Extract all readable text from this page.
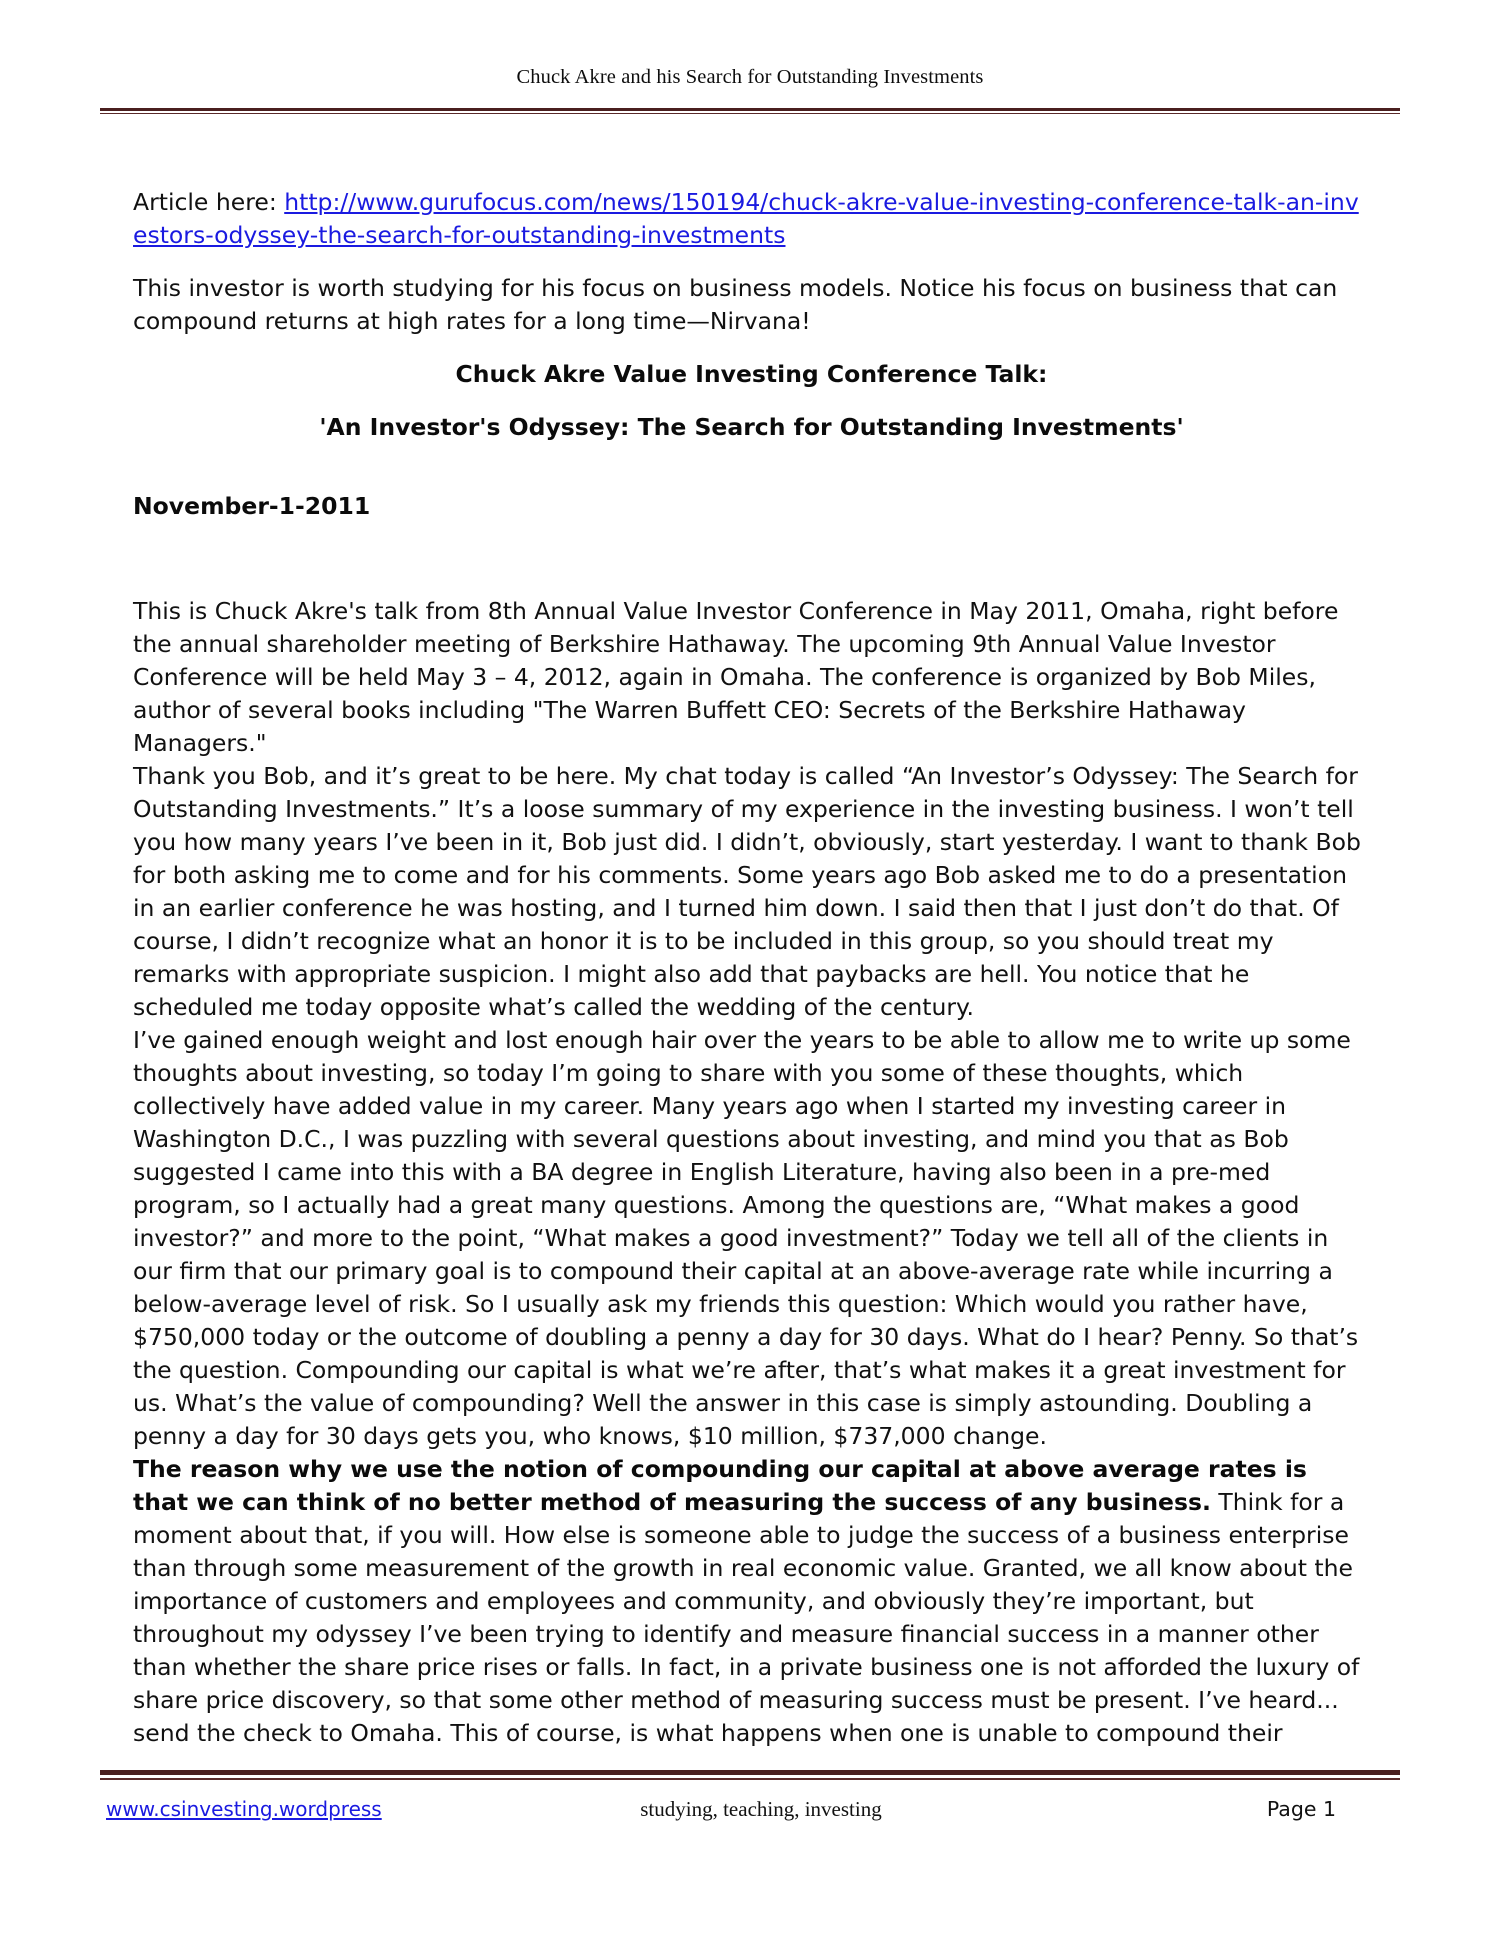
Chuck Akre and his Search for Outstanding Investments

Article here: http://www.gurufocus.com/news/150194/chuck-akre-value-investing-conference-talk-an-investors-odyssey-the-search-for-outstanding-investments

This investor is worth studying for his focus on business models. Notice his focus on business that can compound returns at high rates for a long time—Nirvana!

Chuck Akre Value Investing Conference Talk:
'An Investor's Odyssey: The Search for Outstanding Investments'
November-1-2011

This is Chuck Akre's talk from 8th Annual Value Investor Conference in May 2011, Omaha, right before the annual shareholder meeting of Berkshire Hathaway. The upcoming 9th Annual Value Investor Conference will be held May 3 – 4, 2012, again in Omaha. The conference is organized by Bob Miles, author of several books including "The Warren Buffett CEO: Secrets of the Berkshire Hathaway Managers."

Thank you Bob, and it’s great to be here. My chat today is called “An Investor’s Odyssey: The Search for Outstanding Investments.” It’s a loose summary of my experience in the investing business. I won’t tell you how many years I’ve been in it, Bob just did. I didn’t, obviously, start yesterday. I want to thank Bob for both asking me to come and for his comments. Some years ago Bob asked me to do a presentation in an earlier conference he was hosting, and I turned him down. I said then that I just don’t do that. Of course, I didn’t recognize what an honor it is to be included in this group, so you should treat my remarks with appropriate suspicion. I might also add that paybacks are hell. You notice that he scheduled me today opposite what’s called the wedding of the century.

I’ve gained enough weight and lost enough hair over the years to be able to allow me to write up some thoughts about investing, so today I’m going to share with you some of these thoughts, which collectively have added value in my career. Many years ago when I started my investing career in Washington D.C., I was puzzling with several questions about investing, and mind you that as Bob suggested I came into this with a BA degree in English Literature, having also been in a pre-med program, so I actually had a great many questions. Among the questions are, “What makes a good investor?” and more to the point, “What makes a good investment?” Today we tell all of the clients in our firm that our primary goal is to compound their capital at an above-average rate while incurring a below-average level of risk. So I usually ask my friends this question: Which would you rather have, $750,000 today or the outcome of doubling a penny a day for 30 days. What do I hear? Penny. So that’s the question. Compounding our capital is what we’re after, that’s what makes it a great investment for us. What’s the value of compounding? Well the answer in this case is simply astounding. Doubling a penny a day for 30 days gets you, who knows, $10 million, $737,000 change.

The reason why we use the notion of compounding our capital at above average rates is that we can think of no better method of measuring the success of any business. Think for a moment about that, if you will. How else is someone able to judge the success of a business enterprise than through some measurement of the growth in real economic value. Granted, we all know about the importance of customers and employees and community, and obviously they’re important, but throughout my odyssey I’ve been trying to identify and measure financial success in a manner other than whether the share price rises or falls. In fact, in a private business one is not afforded the luxury of share price discovery, so that some other method of measuring success must be present. I’ve heard... send the check to Omaha. This of course, is what happens when one is unable to compound their

www.csinvesting.wordpress	studying, teaching, investing	Page 1
